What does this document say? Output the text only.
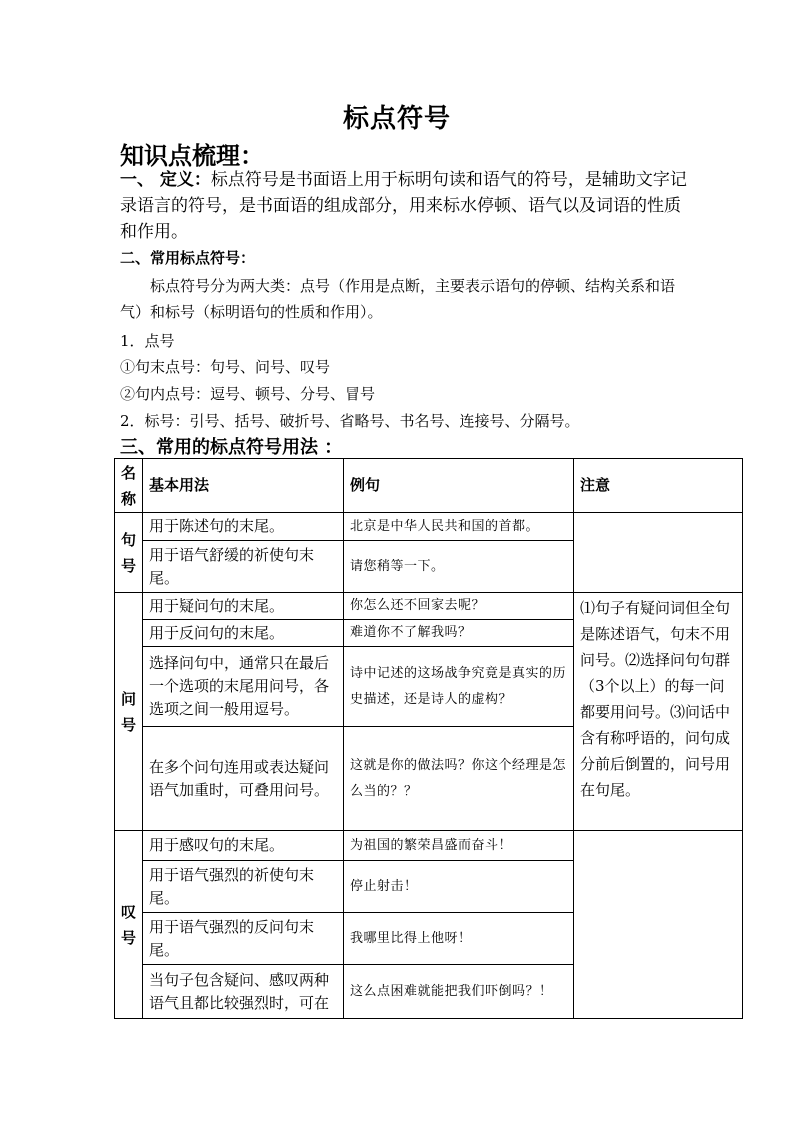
标点符号
知识点梳理：
一、 定义：标点符号是书面语上用于标明句读和语气的符号，是辅助文字记录语言的符号，是书面语的组成部分，用来标水停顿、语气以及词语的性质和作用。
二、常用标点符号：
标点符号分为两大类：点号（作用是点断，主要表示语句的停顿、结构关系和语气）和标号（标明语句的性质和作用）。
1．点号
①句末点号：句号、问号、叹号
②句内点号：逗号、顿号、分号、冒号
2．标号：引号、括号、破折号、省略号、书名号、连接号、分隔号。
三、常用的标点符号用法 ：
名称	基本用法	例句	注意
句号	用于陈述句的末尾。	北京是中华人民共和国的首都。	
	用于语气舒缓的祈使句末尾。	请您稍等一下。	
问号	用于疑问句的末尾。	你怎么还不回家去呢？	⑴句子有疑问词但全句是陈述语气，句末不用问号。⑵选择问句句群（3个以上）的每一问都要用问号。⑶问话中含有称呼语的，问句成分前后倒置的，问号用在句尾。
	用于反问句的末尾。	难道你不了解我吗？	
	选择问句中，通常只在最后一个选项的末尾用问号，各选项之间一般用逗号。	诗中记述的这场战争究竟是真实的历史描述，还是诗人的虚构？	
	在多个问句连用或表达疑问语气加重时，可叠用问号。	这就是你的做法吗？你这个经理是怎么当的？？	
叹号	用于感叹句的末尾。	为祖国的繁荣昌盛而奋斗！	
	用于语气强烈的祈使句末尾。	停止射击！	
	用于语气强烈的反问句末尾。	我哪里比得上他呀！	
	当句子包含疑问、感叹两种语气且都比较强烈时，可在	这么点困难就能把我们吓倒吗？！	
